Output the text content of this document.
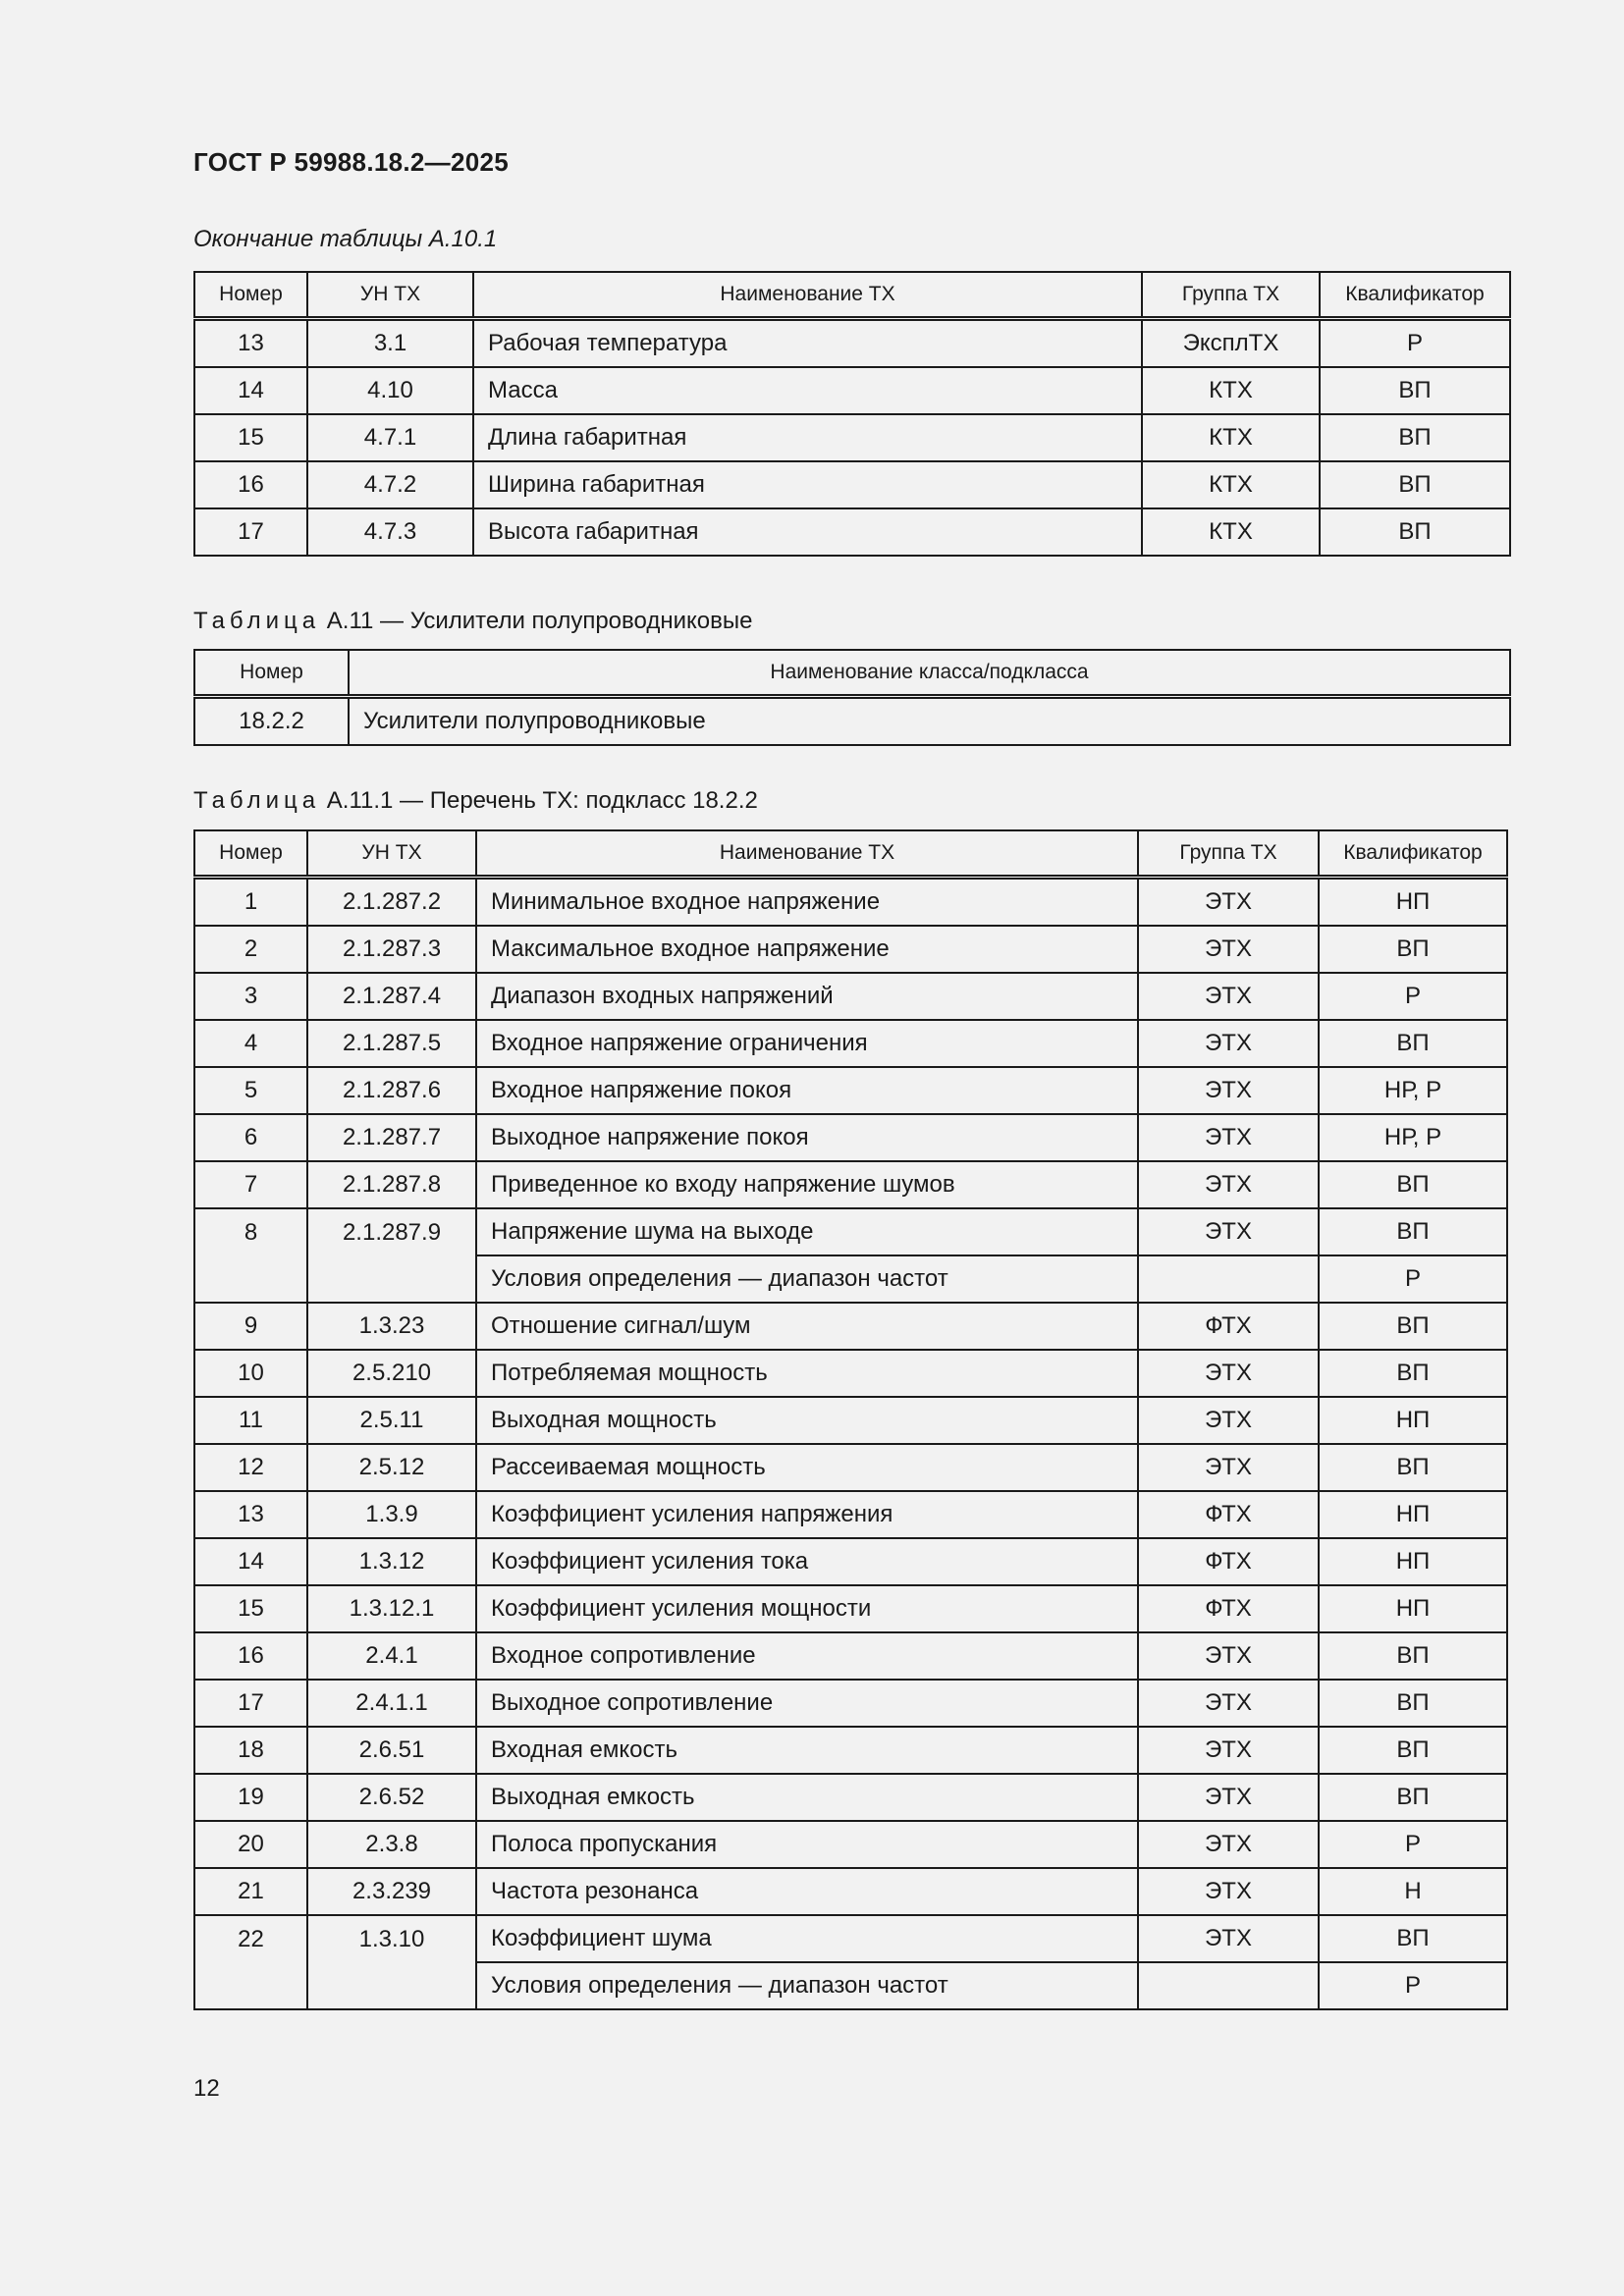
ГОСТ Р 59988.18.2—2025
Окончание таблицы А.10.1
Номер	УН ТХ	Наименование ТХ	Группа ТХ	Квалификатор
13	3.1	Рабочая температура	ЭксплТХ	Р
14	4.10	Масса	КТХ	ВП
15	4.7.1	Длина габаритная	КТХ	ВП
16	4.7.2	Ширина габаритная	КТХ	ВП
17	4.7.3	Высота габаритная	КТХ	ВП
Таблица А.11 — Усилители полупроводниковые
Номер	Наименование класса/подкласса
18.2.2	Усилители полупроводниковые
Таблица А.11.1 — Перечень ТХ: подкласс 18.2.2
Номер	УН ТХ	Наименование ТХ	Группа ТХ	Квалификатор
1	2.1.287.2	Минимальное входное напряжение	ЭТХ	НП
2	2.1.287.3	Максимальное входное напряжение	ЭТХ	ВП
3	2.1.287.4	Диапазон входных напряжений	ЭТХ	Р
4	2.1.287.5	Входное напряжение ограничения	ЭТХ	ВП
5	2.1.287.6	Входное напряжение покоя	ЭТХ	НР, Р
6	2.1.287.7	Выходное напряжение покоя	ЭТХ	НР, Р
7	2.1.287.8	Приведенное ко входу напряжение шумов	ЭТХ	ВП
8	2.1.287.9	Напряжение шума на выходе	ЭТХ	ВП
		Условия определения — диапазон частот		Р
9	1.3.23	Отношение сигнал/шум	ФТХ	ВП
10	2.5.210	Потребляемая мощность	ЭТХ	ВП
11	2.5.11	Выходная мощность	ЭТХ	НП
12	2.5.12	Рассеиваемая мощность	ЭТХ	ВП
13	1.3.9	Коэффициент усиления напряжения	ФТХ	НП
14	1.3.12	Коэффициент усиления тока	ФТХ	НП
15	1.3.12.1	Коэффициент усиления мощности	ФТХ	НП
16	2.4.1	Входное сопротивление	ЭТХ	ВП
17	2.4.1.1	Выходное сопротивление	ЭТХ	ВП
18	2.6.51	Входная емкость	ЭТХ	ВП
19	2.6.52	Выходная емкость	ЭТХ	ВП
20	2.3.8	Полоса пропускания	ЭТХ	Р
21	2.3.239	Частота резонанса	ЭТХ	Н
22	1.3.10	Коэффициент шума	ЭТХ	ВП
		Условия определения — диапазон частот		Р
12
